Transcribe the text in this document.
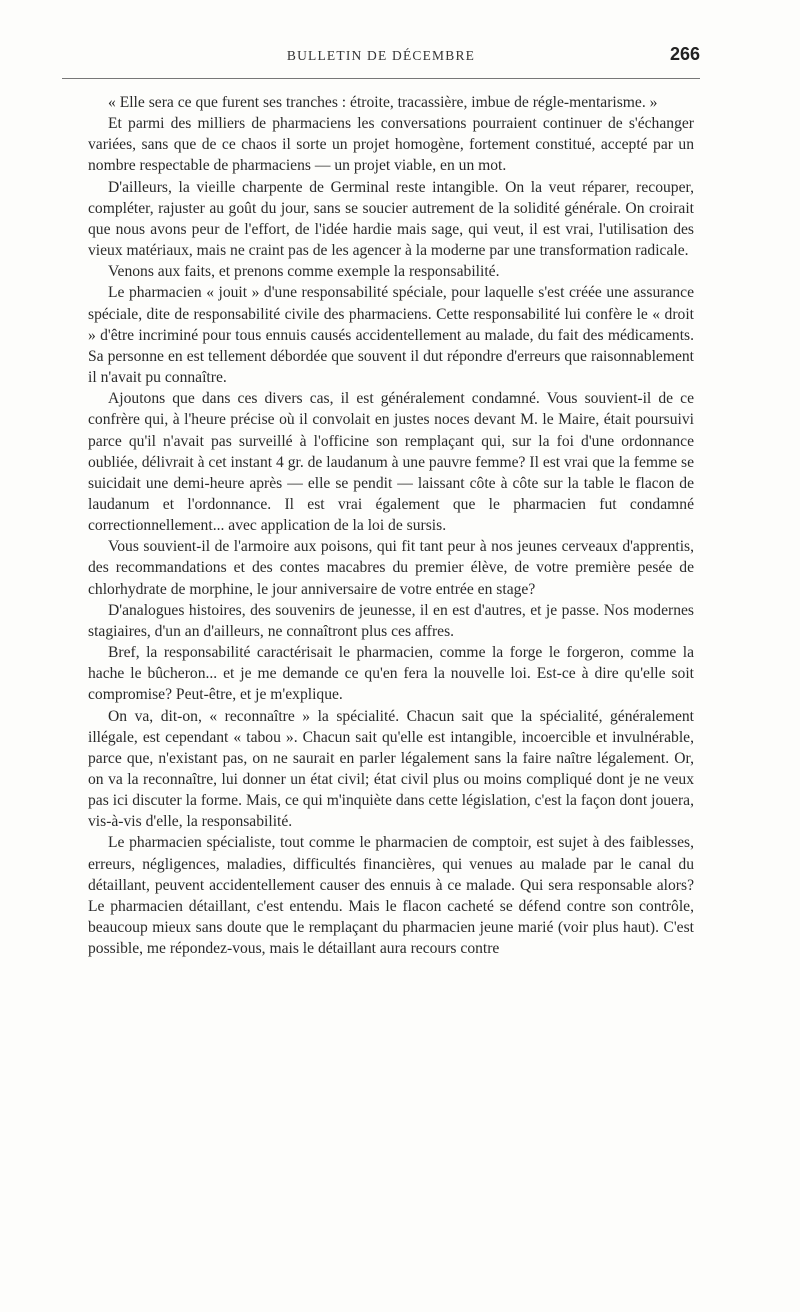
BULLETIN DE DÉCEMBRE	266

« Elle sera ce que furent ses tranches : étroite, tracassière, imbue de régle-mentarisme. »

Et parmi des milliers de pharmaciens les conversations pourraient continuer de s'échanger variées, sans que de ce chaos il sorte un projet homogène, fortement constitué, accepté par un nombre respectable de pharmaciens — un projet viable, en un mot.

D'ailleurs, la vieille charpente de Germinal reste intangible. On la veut réparer, recouper, compléter, rajuster au goût du jour, sans se soucier autrement de la solidité générale. On croirait que nous avons peur de l'effort, de l'idée hardie mais sage, qui veut, il est vrai, l'utilisation des vieux matériaux, mais ne craint pas de les agencer à la moderne par une transformation radicale.

Venons aux faits, et prenons comme exemple la responsabilité.

Le pharmacien « jouit » d'une responsabilité spéciale, pour laquelle s'est créée une assurance spéciale, dite de responsabilité civile des pharmaciens. Cette responsabilité lui confère le « droit » d'être incriminé pour tous ennuis causés accidentellement au malade, du fait des médicaments. Sa personne en est tellement débordée que souvent il dut répondre d'erreurs que raisonnablement il n'avait pu connaître.

Ajoutons que dans ces divers cas, il est généralement condamné. Vous souvient-il de ce confrère qui, à l'heure précise où il convolait en justes noces devant M. le Maire, était poursuivi parce qu'il n'avait pas surveillé à l'officine son remplaçant qui, sur la foi d'une ordonnance oubliée, délivrait à cet instant 4 gr. de laudanum à une pauvre femme? Il est vrai que la femme se suicidait une demi-heure après — elle se pendit — laissant côte à côte sur la table le flacon de laudanum et l'ordonnance. Il est vrai également que le pharmacien fut condamné correctionnellement... avec application de la loi de sursis.

Vous souvient-il de l'armoire aux poisons, qui fit tant peur à nos jeunes cerveaux d'apprentis, des recommandations et des contes macabres du premier élève, de votre première pesée de chlorhydrate de morphine, le jour anniversaire de votre entrée en stage?

D'analogues histoires, des souvenirs de jeunesse, il en est d'autres, et je passe. Nos modernes stagiaires, d'un an d'ailleurs, ne connaîtront plus ces affres.

Bref, la responsabilité caractérisait le pharmacien, comme la forge le forgeron, comme la hache le bûcheron... et je me demande ce qu'en fera la nouvelle loi. Est-ce à dire qu'elle soit compromise? Peut-être, et je m'explique.

On va, dit-on, « reconnaître » la spécialité. Chacun sait que la spécialité, généralement illégale, est cependant « tabou ». Chacun sait qu'elle est intangible, incoercible et invulnérable, parce que, n'existant pas, on ne saurait en parler légalement sans la faire naître légalement. Or, on va la reconnaître, lui donner un état civil; état civil plus ou moins compliqué dont je ne veux pas ici discuter la forme. Mais, ce qui m'inquiète dans cette législation, c'est la façon dont jouera, vis-à-vis d'elle, la responsabilité.

Le pharmacien spécialiste, tout comme le pharmacien de comptoir, est sujet à des faiblesses, erreurs, négligences, maladies, difficultés financières, qui venues au malade par le canal du détaillant, peuvent accidentellement causer des ennuis à ce malade. Qui sera responsable alors? Le pharmacien détaillant, c'est entendu. Mais le flacon cacheté se défend contre son contrôle, beaucoup mieux sans doute que le remplaçant du pharmacien jeune marié (voir plus haut). C'est possible, me répondez-vous, mais le détaillant aura recours contre
